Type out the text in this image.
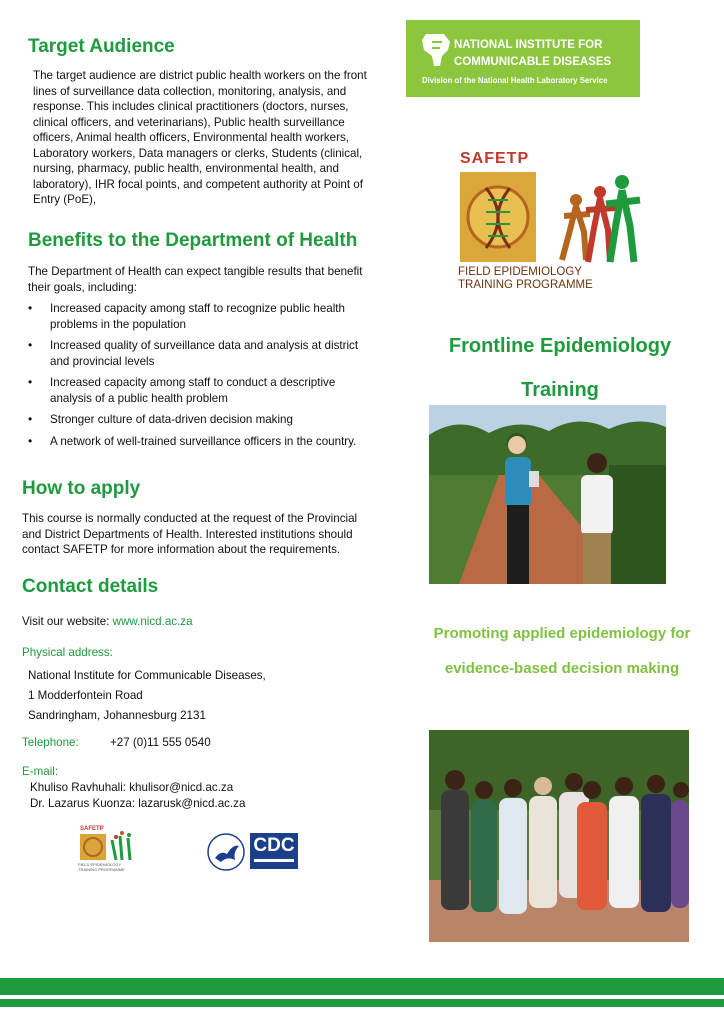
Target Audience

The target audience are district public health workers on the front lines of surveillance data collection, monitoring, analysis, and response. This includes clinical practitioners (doctors, nurses, clinical officers, and veterinarians), Public health surveillance officers, Animal health officers, Environmental health workers, Laboratory workers, Data managers or clerks, Students (clinical, nursing, pharmacy, public health, environmental health, and laboratory), IHR focal points, and competent authority at Point of Entry (PoE),

Benefits to the Department of Health

The Department of Health can expect tangible results that benefit their goals, including:

• Increased capacity among staff to recognize public health problems in the population
• Increased quality of surveillance data and analysis at district and provincial levels
• Increased capacity among staff to conduct a descriptive analysis of a public health problem
• Stronger culture of data-driven decision making
• A network of well-trained surveillance officers in the country.
How to apply

This course is normally conducted at the request of the Provincial and District Departments of Health. Interested institutions should contact SAFETP for more information about the requirements.

Contact details
Visit our website: www.nicd.ac.za
Physical address:
National Institute for Communicable Diseases,
1 Modderfontein Road
Sandringham, Johannesburg 2131
Telephone:	+27 (0)11 555 0540
E-mail:
Khuliso Ravhuhali: khulisor@nicd.ac.za
Dr. Lazarus Kuonza: lazarusk@nicd.ac.za
SAFETP
FIELD EPIDEMIOLOGY TRAINING PROGRAMME
CDC
NATIONAL INSTITUTE FOR
COMMUNICABLE DISEASES
Division of the National Health Laboratory Service
SAFETP
FIELD EPIDEMIOLOGY
TRAINING PROGRAMME
Frontline Epidemiology
Training
Promoting applied epidemiology for
evidence-based decision making
